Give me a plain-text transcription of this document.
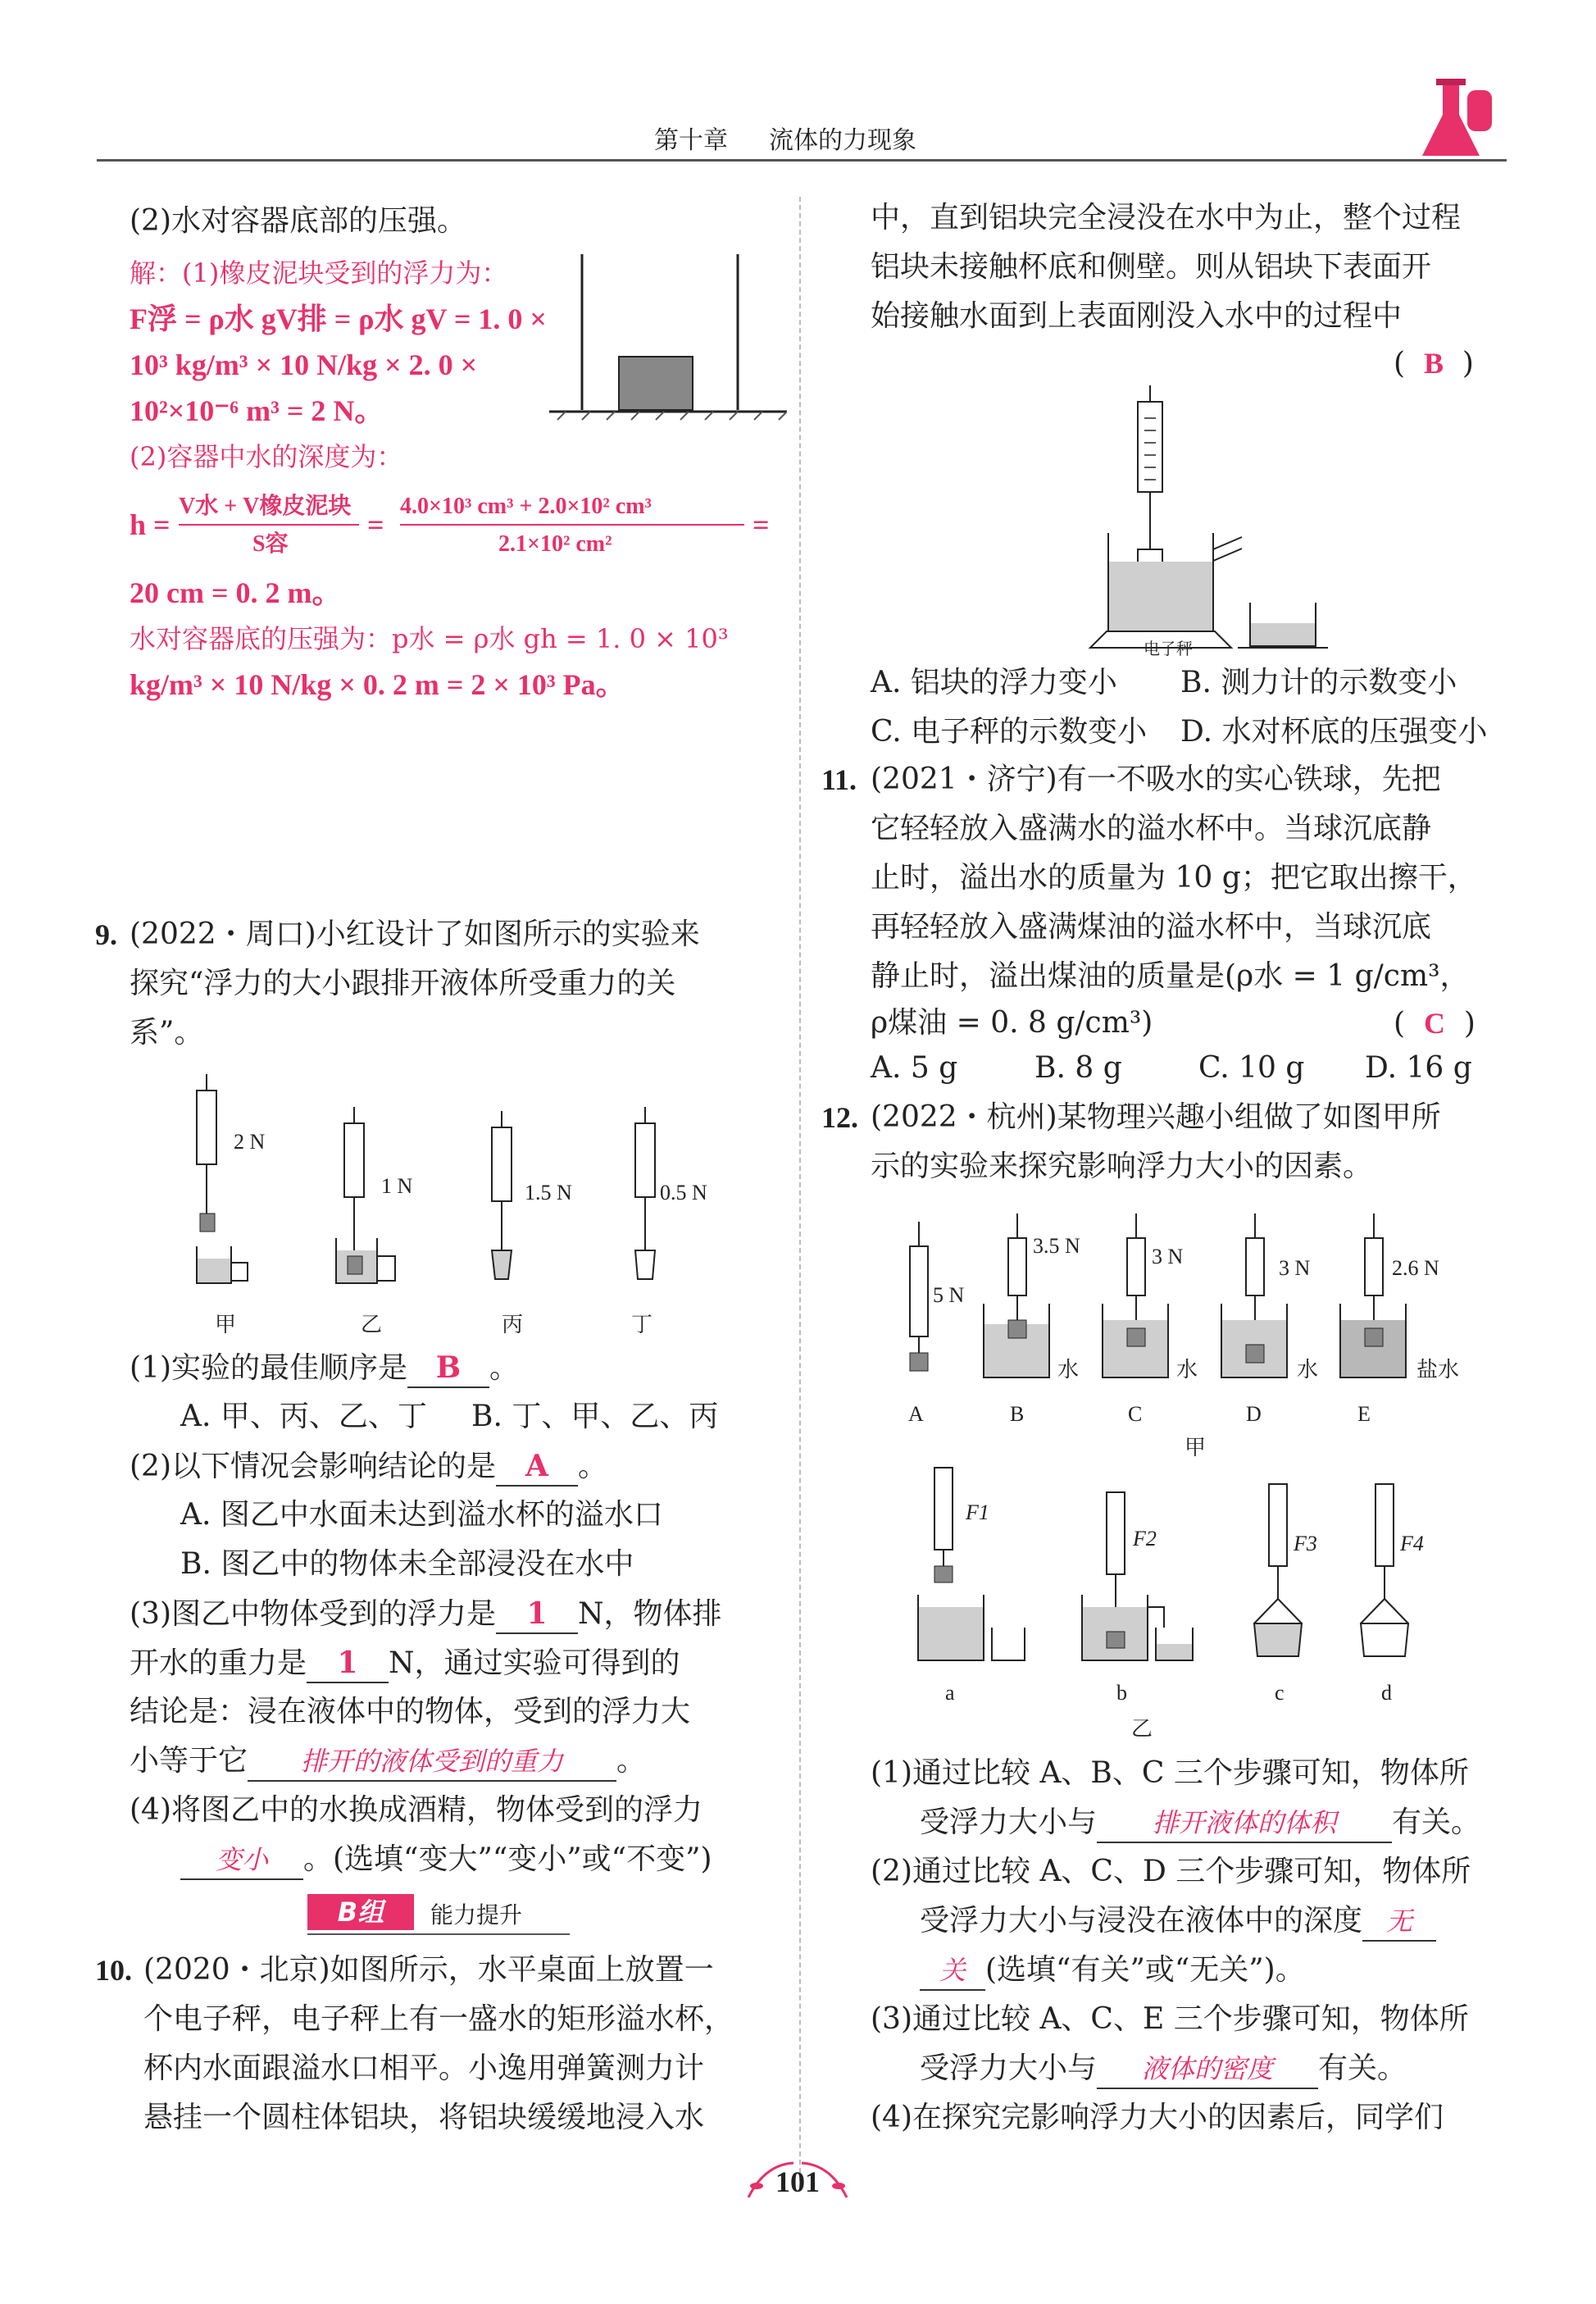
第十章 流体的力现象
(2)水对容器底部的压强。
解：(1)橡皮泥块受到的浮力为：
F浮 = ρ水 gV排 = ρ水 gV = 1. 0 ×
10³ kg/m³ × 10 N/kg × 2. 0 ×
10²×10⁻⁶ m³ = 2 N。
(2)容器中水的深度为：
h =
V水 + V橡皮泥块
S容
=
4.0×10³ cm³ + 2.0×10² cm³
2.1×10² cm²
=
20 cm = 0. 2 m。
水对容器底的压强为：p水 = ρ水 gh = 1. 0 × 10³
kg/m³ × 10 N/kg × 0. 2 m = 2 × 10³ Pa。
9. (2022・周口)小红设计了如图所示的实验来
探究“浮力的大小跟排开液体所受重力的关
系”。
2 N
1 N	1.5 N	0.5 N
甲	乙	丙	丁
(1)实验的最佳顺序是 B 。
A. 甲、丙、乙、丁 B. 丁、甲、乙、丙
(2)以下情况会影响结论的是 A 。
A. 图乙中水面未达到溢水杯的溢水口
B. 图乙中的物体未全部浸没在水中
(3)图乙中物体受到的浮力是 1 N，物体排
开水的重力是 1 N，通过实验可得到的
结论是：浸在液体中的物体，受到的浮力大
小等于它 排开的液体受到的重力 。
(4)将图乙中的水换成酒精，物体受到的浮力
变小 。(选填“变大”“变小”或“不变”)
B组	能力提升
10. (2020・北京)如图所示，水平桌面上放置一
个电子秤，电子秤上有一盛水的矩形溢水杯，
杯内水面跟溢水口相平。小逸用弹簧测力计
悬挂一个圆柱体铝块，将铝块缓缓地浸入水
中，直到铝块完全浸没在水中为止，整个过程
铝块未接触杯底和侧壁。则从铝块下表面开
始接触水面到上表面刚没入水中的过程中
( B )
电子秤
A. 铝块的浮力变小 B. 测力计的示数变小
C. 电子秤的示数变小 D. 水对杯底的压强变小
11. (2021・济宁)有一不吸水的实心铁球，先把
它轻轻放入盛满水的溢水杯中。当球沉底静
止时，溢出水的质量为 10 g；把它取出擦干，
再轻轻放入盛满煤油的溢水杯中，当球沉底
静止时，溢出煤油的质量是(ρ水 = 1 g/cm³，
ρ煤油 = 0. 8 g/cm³)	( C )
A. 5 g	B. 8 g	C. 10 g D. 16 g
12. (2022・杭州)某物理兴趣小组做了如图甲所
示的实验来探究影响浮力大小的因素。
5 N
3.5 N	3 N	3 N	2.6 N
水	水	水	盐水
A	B	C	D	E
甲
F1
F2	F3	F4
a	b	c	d
乙
(1)通过比较 A、B、C 三个步骤可知，物体所
受浮力大小与 排开液体的体积 有关。
(2)通过比较 A、C、D 三个步骤可知，物体所
受浮力大小与浸没在液体中的深度 无
关 (选填“有关”或“无关”)。
(3)通过比较 A、C、E 三个步骤可知，物体所
受浮力大小与 液体的密度 有关。
(4)在探究完影响浮力大小的因素后，同学们
101
